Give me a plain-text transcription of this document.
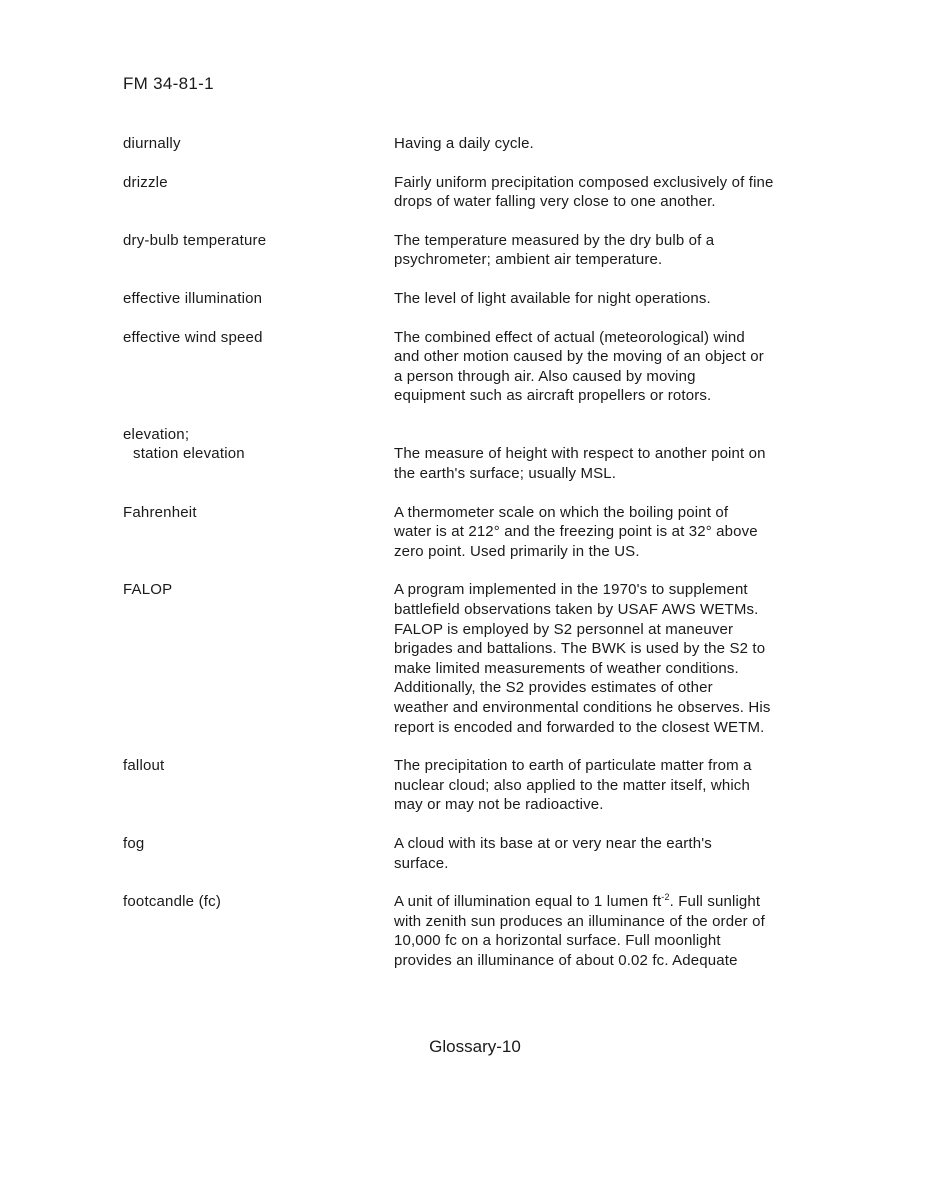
FM 34-81-1
diurnally	Having a daily cycle.
drizzle	Fairly uniform precipitation composed exclusively of fine
drops of water falling very close to one another.
dry-bulb temperature	The temperature measured by the dry bulb of a
psychrometer; ambient air temperature.
effective illumination	The level of light available for night operations.
effective wind speed	The combined effect of actual (meteorological) wind
and other motion caused by the moving of an object or
a person through air. Also caused by moving
equipment such as aircraft propellers or rotors.
elevation;
station elevation	The measure of height with respect to another point on
the earth's surface; usually MSL.
Fahrenheit	A thermometer scale on which the boiling point of
water is at 212° and the freezing point is at 32° above
zero point. Used primarily in the US.
FALOP	A program implemented in the 1970's to supplement
battlefield observations taken by USAF AWS WETMs.
FALOP is employed by S2 personnel at maneuver
brigades and battalions. The BWK is used by the S2 to
make limited measurements of weather conditions.
Additionally, the S2 provides estimates of other
weather and environmental conditions he observes. His
report is encoded and forwarded to the closest WETM.
fallout	The precipitation to earth of particulate matter from a
nuclear cloud; also applied to the matter itself, which
may or may not be radioactive.
fog	A cloud with its base at or very near the earth's
surface.
footcandle (fc)	A unit of illumination equal to 1 lumen $ft^{-2}$. Full sunlight
with zenith sun produces an illuminance of the order of
10,000 fc on a horizontal surface. Full moonlight
provides an illuminance of about 0.02 fc. Adequate
Glossary-10
